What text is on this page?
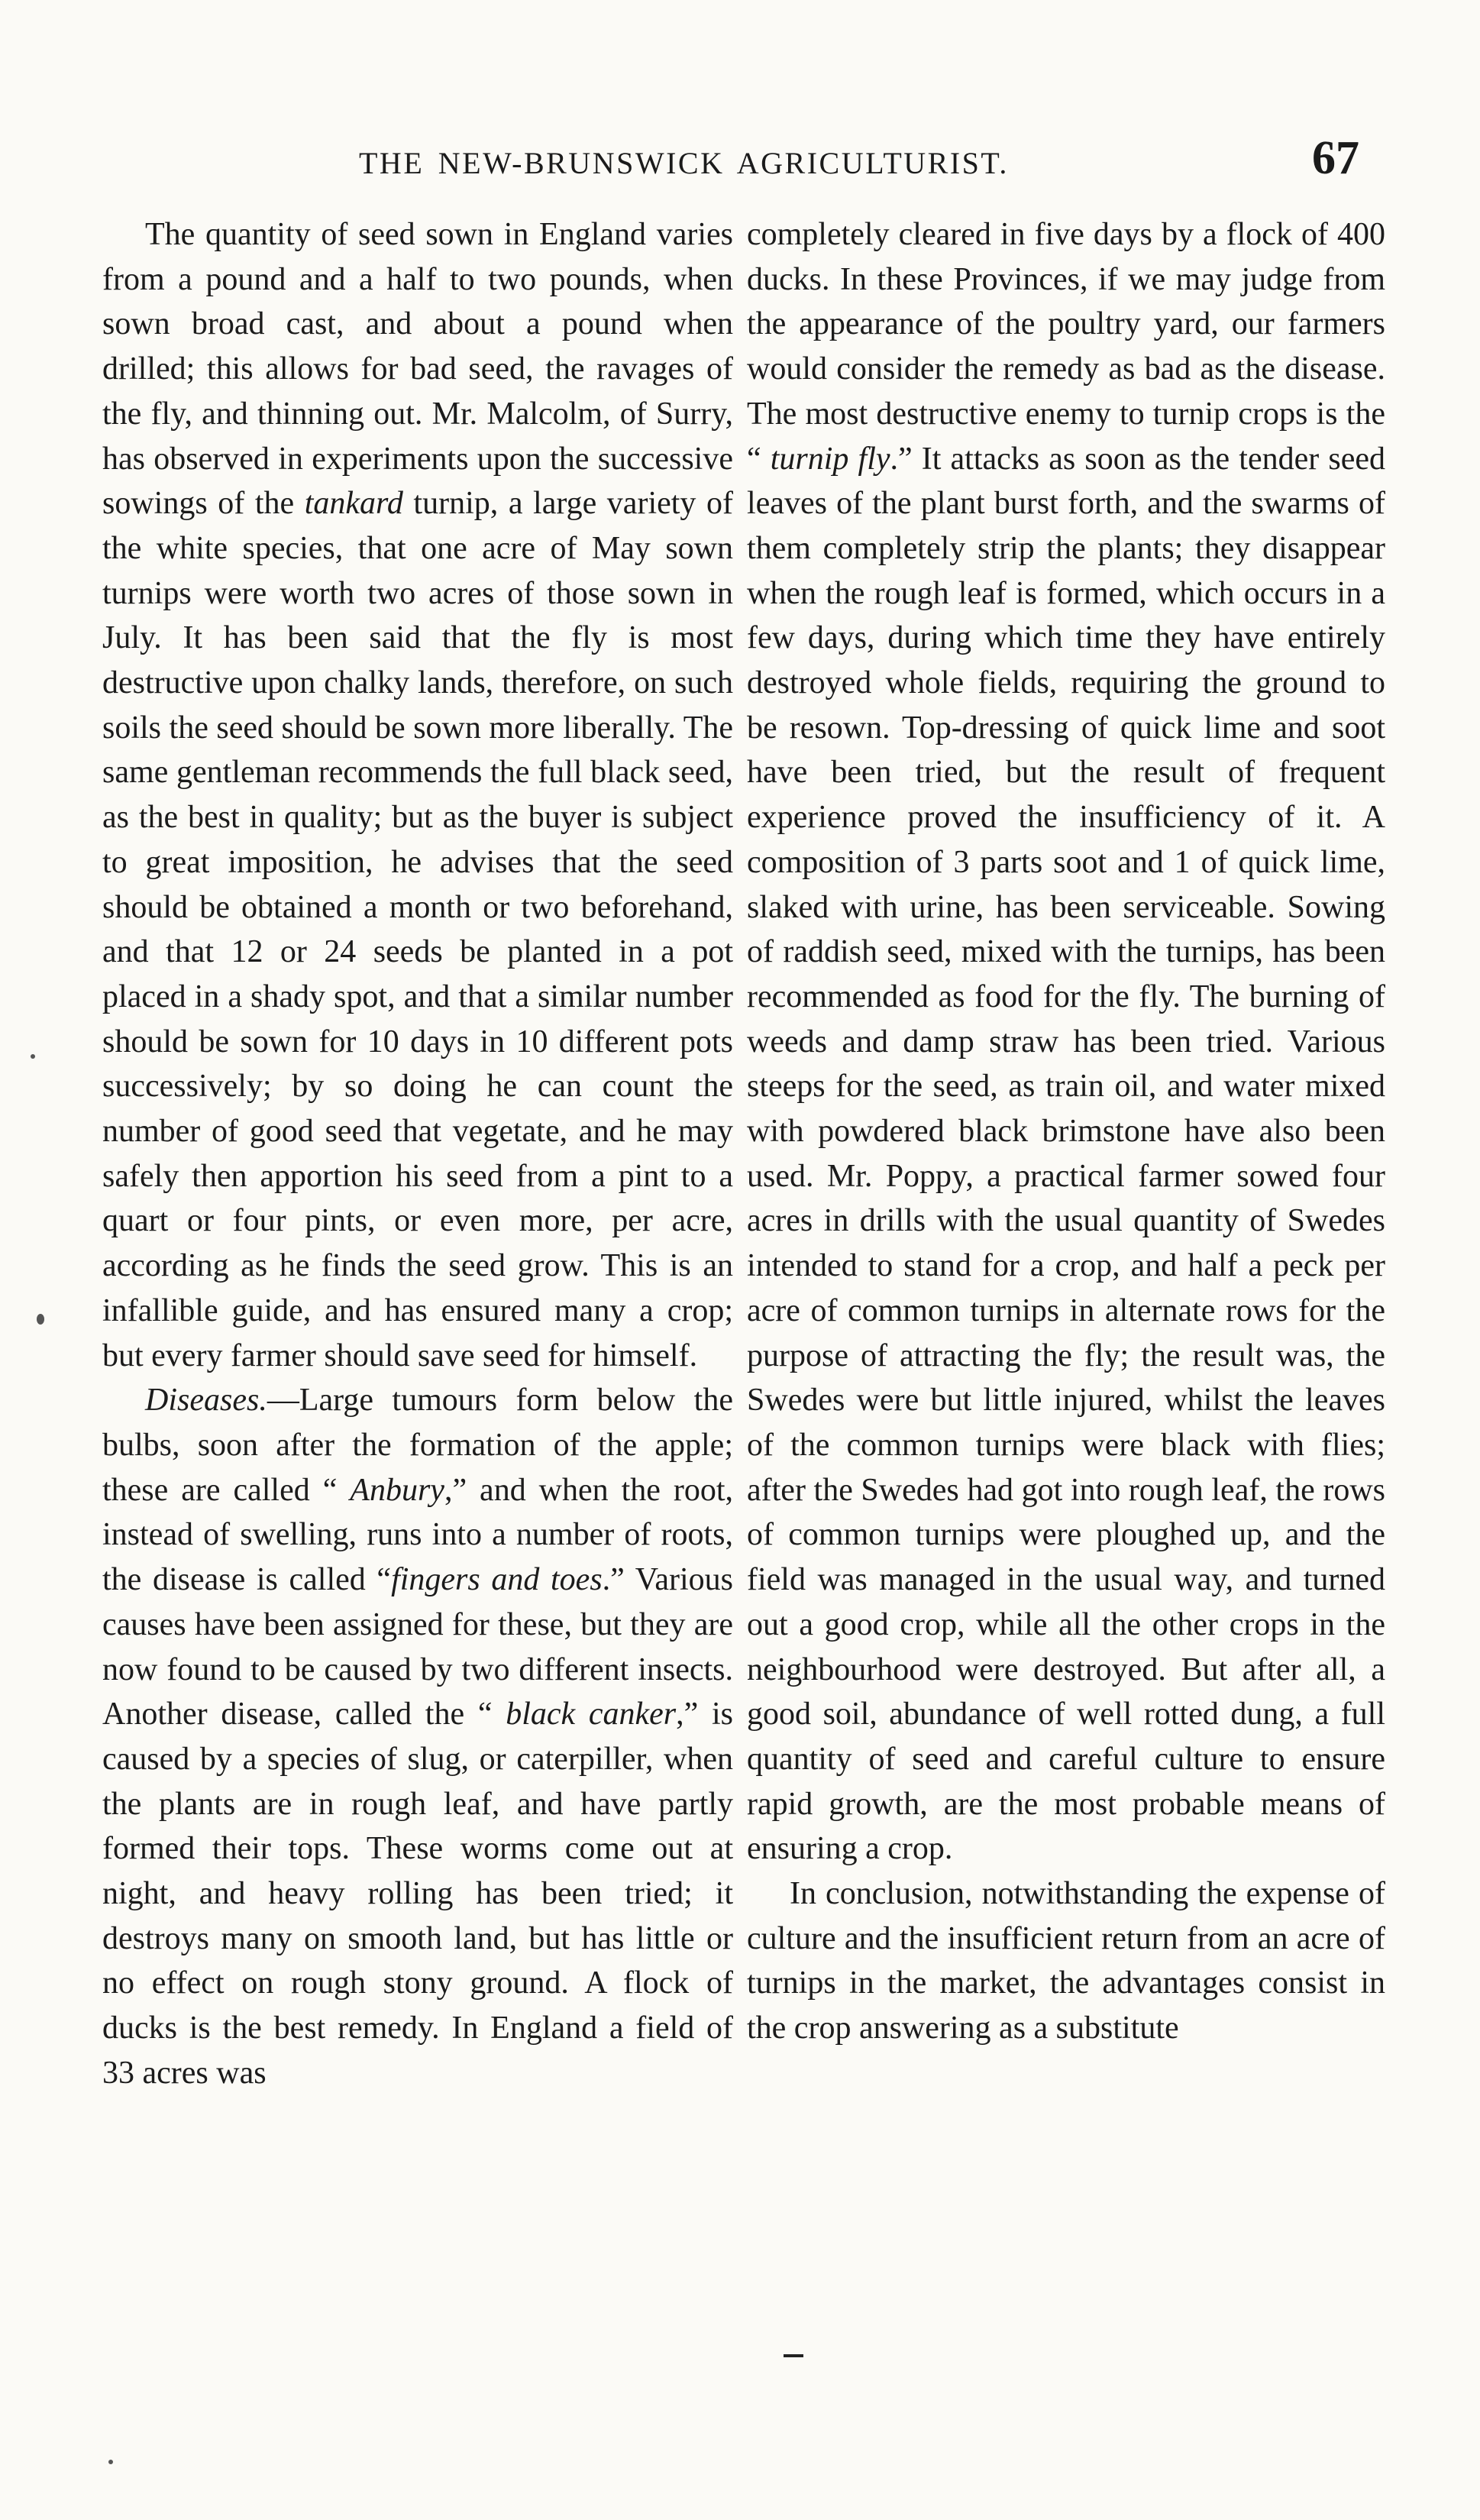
THE NEW-BRUNSWICK AGRICULTURIST.	67

The quantity of seed sown in England varies from a pound and a half to two pounds, when sown broad cast, and about a pound when drilled; this allows for bad seed, the ravages of the fly, and thinning out. Mr. Malcolm, of Surry, has observed in experiments upon the successive sowings of the tankard turnip, a large variety of the white species, that one acre of May sown turnips were worth two acres of those sown in July. It has been said that the fly is most destructive upon chalky lands, therefore, on such soils the seed should be sown more liberally. The same gentleman recommends the full black seed, as the best in quality; but as the buyer is subject to great imposition, he advises that the seed should be obtained a month or two beforehand, and that 12 or 24 seeds be planted in a pot placed in a shady spot, and that a similar number should be sown for 10 days in 10 different pots successively; by so doing he can count the number of good seed that vegetate, and he may safely then apportion his seed from a pint to a quart or four pints, or even more, per acre, according as he finds the seed grow. This is an infallible guide, and has ensured many a crop; but every farmer should save seed for himself.

Diseases.—Large tumours form below the bulbs, soon after the formation of the apple; these are called “ Anbury,” and when the root, instead of swelling, runs into a number of roots, the disease is called “fingers and toes.” Various causes have been assigned for these, but they are now found to be caused by two different insects. Another disease, called the “ black canker,” is caused by a species of slug, or caterpiller, when the plants are in rough leaf, and have partly formed their tops. These worms come out at night, and heavy rolling has been tried; it destroys many on smooth land, but has little or no effect on rough stony ground. A flock of ducks is the best remedy. In England a field of 33 acres was

completely cleared in five days by a flock of 400 ducks. In these Provinces, if we may judge from the appearance of the poultry yard, our farmers would consider the remedy as bad as the disease. The most destructive enemy to turnip crops is the “ turnip fly.” It attacks as soon as the tender seed leaves of the plant burst forth, and the swarms of them completely strip the plants; they disappear when the rough leaf is formed, which occurs in a few days, during which time they have entirely destroyed whole fields, requiring the ground to be resown. Top-dressing of quick lime and soot have been tried, but the result of frequent experience proved the insufficiency of it. A composition of 3 parts soot and 1 of quick lime, slaked with urine, has been serviceable. Sowing of raddish seed, mixed with the turnips, has been recommended as food for the fly. The burning of weeds and damp straw has been tried. Various steeps for the seed, as train oil, and water mixed with powdered black brimstone have also been used. Mr. Poppy, a practical farmer sowed four acres in drills with the usual quantity of Swedes intended to stand for a crop, and half a peck per acre of common turnips in alternate rows for the purpose of attracting the fly; the result was, the Swedes were but little injured, whilst the leaves of the common turnips were black with flies; after the Swedes had got into rough leaf, the rows of common turnips were ploughed up, and the field was managed in the usual way, and turned out a good crop, while all the other crops in the neighbourhood were destroyed. But after all, a good soil, abundance of well rotted dung, a full quantity of seed and careful culture to ensure rapid growth, are the most probable means of ensuring a crop.

In conclusion, notwithstanding the expense of culture and the insufficient return from an acre of turnips in the market, the advantages consist in the crop answering as a substitute
